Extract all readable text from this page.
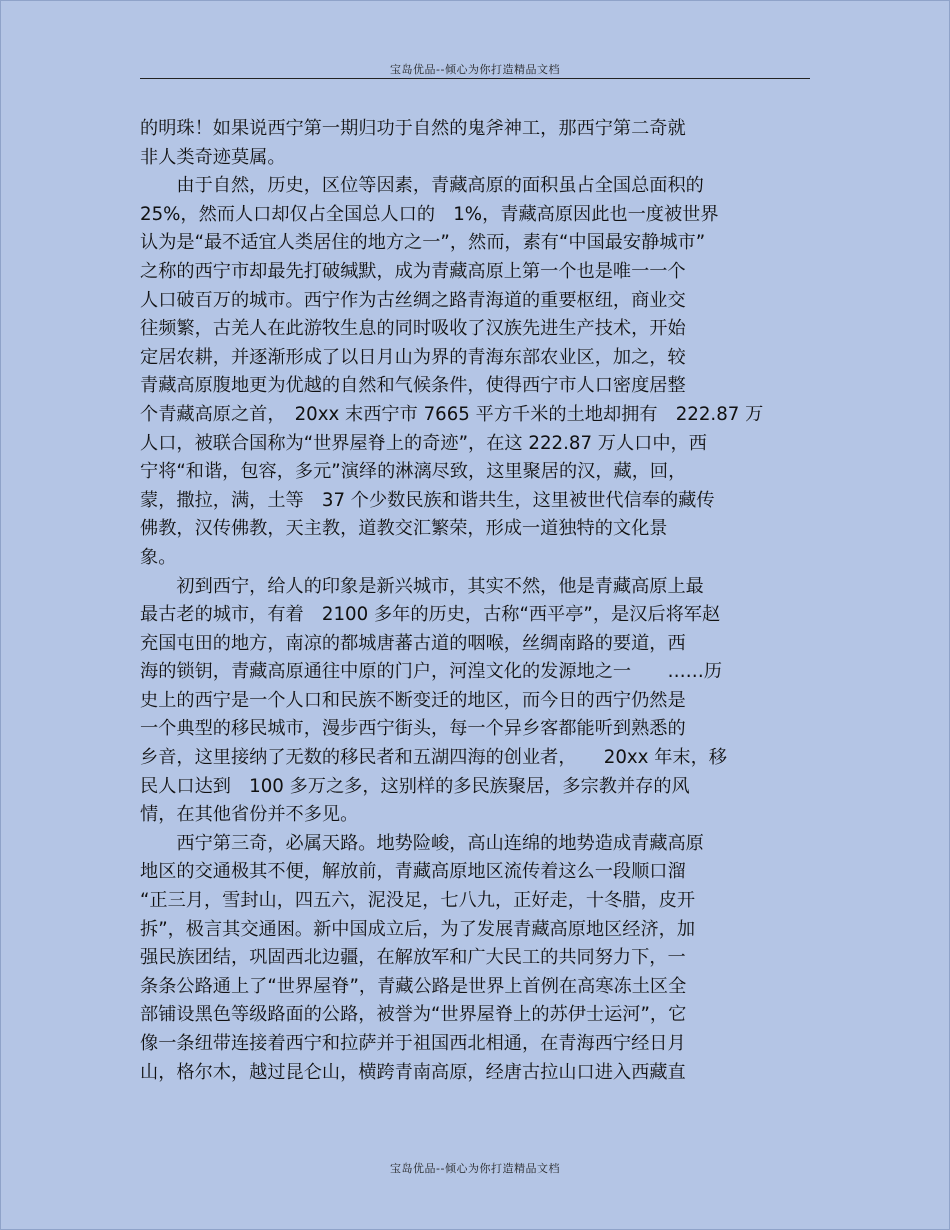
宝岛优品--倾心为你打造精品文档
的明珠！如果说西宁第一期归功于自然的鬼斧神工，那西宁第二奇就
非人类奇迹莫属。
　　由于自然，历史，区位等因素，青藏高原的面积虽占全国总面积的
25%，然而人口却仅占全国总人口的　1%，青藏高原因此也一度被世界
认为是“最不适宜人类居住的地方之一”，然而，素有“中国最安静城市”
之称的西宁市却最先打破缄默，成为青藏高原上第一个也是唯一一个
人口破百万的城市。西宁作为古丝绸之路青海道的重要枢纽，商业交
往频繁，古羌人在此游牧生息的同时吸收了汉族先进生产技术，开始
定居农耕，并逐渐形成了以日月山为界的青海东部农业区，加之，较
青藏高原腹地更为优越的自然和气候条件，使得西宁市人口密度居整
个青藏高原之首，　20xx 末西宁市 7665 平方千米的土地却拥有　222.87 万
人口，被联合国称为“世界屋脊上的奇迹”，在这 222.87 万人口中，西
宁将“和谐，包容，多元”演绎的淋漓尽致，这里聚居的汉，藏，回，
蒙，撒拉，满，土等　37 个少数民族和谐共生，这里被世代信奉的藏传
佛教，汉传佛教，天主教，道教交汇繁荣，形成一道独特的文化景
象。
　　初到西宁，给人的印象是新兴城市，其实不然，他是青藏高原上最
最古老的城市，有着　2100 多年的历史，古称“西平亭”，是汉后将军赵
充国屯田的地方，南凉的都城唐蕃古道的咽喉，丝绸南路的要道，西
海的锁钥，青藏高原通往中原的门户，河湟文化的发源地之一　　……历
史上的西宁是一个人口和民族不断变迁的地区，而今日的西宁仍然是
一个典型的移民城市，漫步西宁街头，每一个异乡客都能听到熟悉的
乡音，这里接纳了无数的移民者和五湖四海的创业者，　　20xx 年末，移
民人口达到　100 多万之多，这别样的多民族聚居，多宗教并存的风
情，在其他省份并不多见。
　　西宁第三奇，必属天路。地势险峻，高山连绵的地势造成青藏高原
地区的交通极其不便，解放前，青藏高原地区流传着这么一段顺口溜
“正三月，雪封山，四五六，泥没足，七八九，正好走，十冬腊，皮开
拆”，极言其交通困。新中国成立后，为了发展青藏高原地区经济，加
强民族团结，巩固西北边疆，在解放军和广大民工的共同努力下，一
条条公路通上了“世界屋脊”，青藏公路是世界上首例在高寒冻土区全
部铺设黑色等级路面的公路，被誉为“世界屋脊上的苏伊士运河”，它
像一条纽带连接着西宁和拉萨并于祖国西北相通，在青海西宁经日月
山，格尔木，越过昆仑山，横跨青南高原，经唐古拉山口进入西藏直
宝岛优品--倾心为你打造精品文档
